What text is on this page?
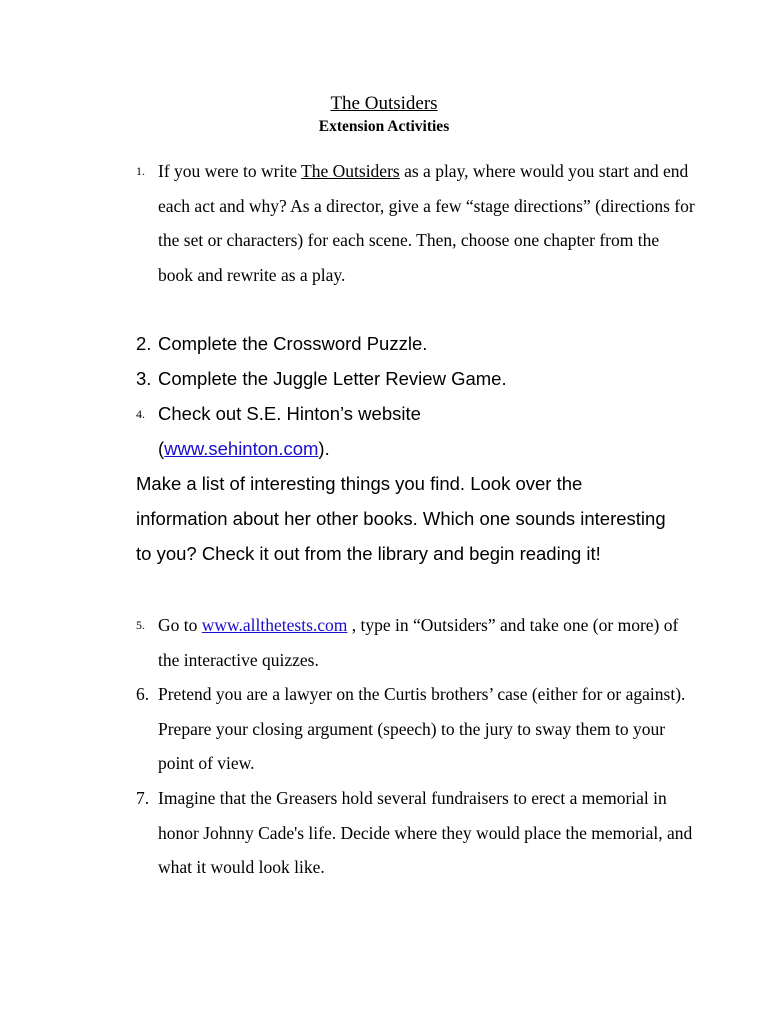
The Outsiders
Extension Activities
1. If you were to write The Outsiders as a play, where would you start and end each act and why? As a director, give a few “stage directions” (directions for the set or characters) for each scene. Then, choose one chapter from the book and rewrite as a play.
2. Complete the Crossword Puzzle.
3. Complete the Juggle Letter Review Game.
4. Check out S.E. Hinton’s website (www.sehinton.com).
Make a list of interesting things you find. Look over the information about her other books. Which one sounds interesting to you? Check it out from the library and begin reading it!
5. Go to www.allthetests.com , type in “Outsiders” and take one (or more) of the interactive quizzes.
6. Pretend you are a lawyer on the Curtis brothers’ case (either for or against). Prepare your closing argument (speech) to the jury to sway them to your point of view.
7. Imagine that the Greasers hold several fundraisers to erect a memorial in honor Johnny Cade's life. Decide where they would place the memorial, and what it would look like.
